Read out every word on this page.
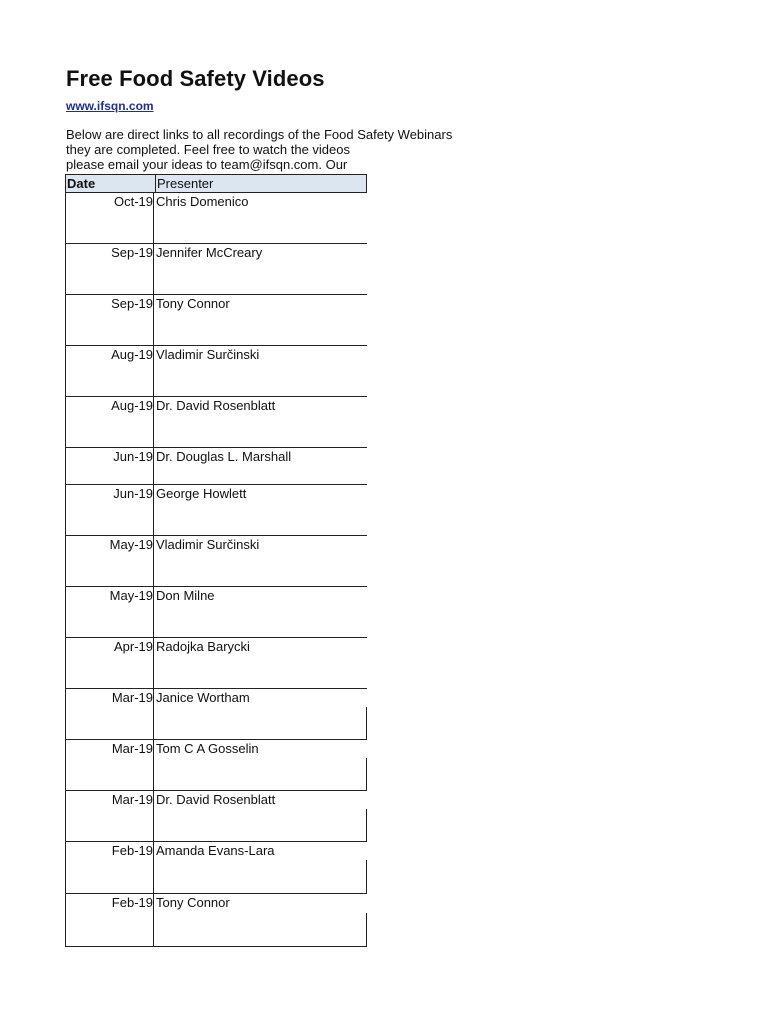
Free Food Safety Videos
www.ifsqn.com
Below are direct links to all recordings of the Food Safety Webinars
they are completed. Feel free to watch the videos
please email your ideas to team@ifsqn.com. Our
Date	Presenter
Oct-19 Chris Domenico
Sep-19 Jennifer McCreary
Sep-19 Tony Connor
Aug-19 Vladimir Surčinski
Aug-19 Dr. David Rosenblatt
Jun-19 Dr. Douglas L. Marshall
Jun-19 George Howlett
May-19 Vladimir Surčinski
May-19 Don Milne
Apr-19 Radojka Barycki
Mar-19 Janice Wortham
Mar-19 Tom C A Gosselin
Mar-19 Dr. David Rosenblatt
Feb-19 Amanda Evans-Lara
Feb-19 Tony Connor
